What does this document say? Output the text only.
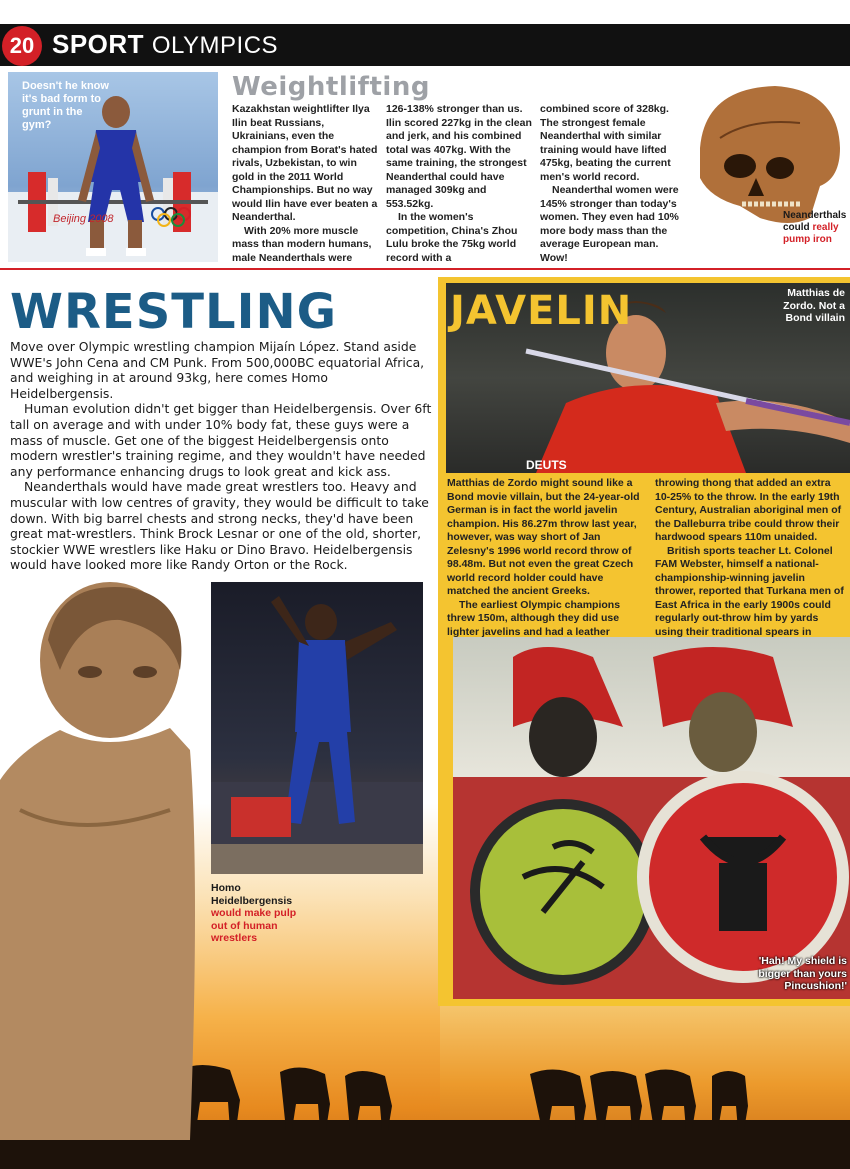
20 SPORT OLYMPICS
Beijing 2008
Doesn't he know it's bad form to grunt in the gym?
Weightlifting

Kazakhstan weightlifter Ilya Ilin beat Russians, Ukrainians, even the champion from Borat's hated rivals, Uzbekistan, to win gold in the 2011 World Championships. But no way would Ilin have ever beaten a Neanderthal.

With 20% more muscle mass than modern humans, male Neanderthals were

126-138% stronger than us. Ilin scored 227kg in the clean and jerk, and his combined total was 407kg. With the same training, the strongest Neanderthal could have managed 309kg and 553.52kg.

In the women's competition, China's Zhou Lulu broke the 75kg world record with a

combined score of 328kg. The strongest female Neanderthal with similar training would have lifted 475kg, beating the current men's world record.

Neanderthal women were 145% stronger than today's women. They even had 10% more body mass than the average European man. Wow!

Neanderthals could really pump iron
WRESTLING

Move over Olympic wrestling champion Mijaín López. Stand aside WWE's John Cena and CM Punk. From 500,000BC equatorial Africa, and weighing in at around 93kg, here comes Homo Heidelbergensis.

Human evolution didn't get bigger than Heidelbergensis. Over 6ft tall on average and with under 10% body fat, these guys were a mass of muscle. Get one of the biggest Heidelbergensis onto modern wrestler's training regime, and they wouldn't have needed any performance enhancing drugs to look great and kick ass.

Neanderthals would have made great wrestlers too. Heavy and muscular with low centres of gravity, they would be difficult to take down. With big barrel chests and strong necks, they'd have been great mat-wrestlers. Think Brock Lesnar or one of the old, shorter, stockier WWE wrestlers like Haku or Dino Bravo. Heidelbergensis would have looked more like Randy Orton or the Rock.

Homo Heidelbergensis would make pulp out of human wrestlers
DEUTS
JAVELIN	Matthias de Zordo. Not a Bond villain

Matthias de Zordo might sound like a Bond movie villain, but the 24-year-old German is in fact the world javelin champion. His 86.27m throw last year, however, was way short of Jan Zelesny's 1996 world record throw of 98.48m. But not even the great Czech world record holder could have matched the ancient Greeks.

The earliest Olympic champions threw 150m, although they did use lighter javelins and had a leather

throwing thong that added an extra 10-25% to the throw. In the early 19th Century, Australian aboriginal men of the Dalleburra tribe could throw their hardwood spears 110m unaided.

British sports teacher Lt. Colonel FAM Webster, himself a national-championship-winning javelin thrower, reported that Turkana men of East Africa in the early 1900s could regularly out-throw him by yards using their traditional spears in

'Hah! My shield is bigger than yours Pincushion!'
